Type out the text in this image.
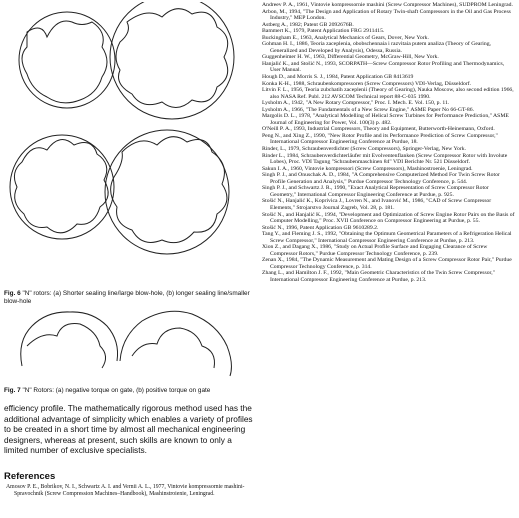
Fig. 6 "N" rotors: (a) Shorter sealing line/large blow-hole, (b) longer sealing line/smaller blow-hole
Fig. 7 "N" Rotors: (a) negative torque on gate, (b) positive torque on gate
efficiency profile. The mathematically rigorous method used has the additional advantage of simplicity which enables a variety of profiles to be created in a short time by almost all mechanical engineering designers, whereas at present, such skills are known to only a limited number of exclusive specialists.
References
Amosov P. E., Bobrikov, N. I., Schwartz A. I. and Vernii A. L., 1977, Vintovie kompressornie mashini-Spravochnik (Screw Compression Machines–Handbook), Mashinstroienie, Leningrad.
Andreev P. A., 1961, Vintovie kompressornie mashini (Screw Compressor Machines), SUDPROM Leningrad.
Arbon, M., 1994, "The Design and Application of Rotary Twin-shaft Compressors in the Oil and Gas Process Industry," MEP London.
Astberg A., 1982; Patent GB 2092676B.
Bammert K., 1979, Patent Application FRG 2911415.
Buckingham E., 1963, Analytical Mechanics of Gears, Dover, New York.
Gohman H. I., 1886, Teoria zaceplenia, obobschennaia i razvitaia putem analiza (Theory of Gearing, Generalized and Developed by Analysis), Odessa, Russia.
Guggenheimer H. W., 1963, Differential Geometry, McGraw-Hill, New York.
Hanjalić K., and Stošić N., 1993, SCORPATH—Screw Compressor Rotor Profiling and Thermodynamics, User Manual.
Hough D., and Morris S. J., 1984, Patent Application GB 8413619
Konka K-H., 1988, Schraubenkompressoren (Screw Compressors) VDI-Verlag, Düsseldorf.
Litvin F. L., 1956, Teoria zubchatih zaceplenii (Theory of Gearing), Nauka Moscow, also second edition 1966, also NASA Ref. Publ. 212 AVSCOM Technical report 88-C-035 1990.
Lysholm A., 1942, "A New Rotary Compressor," Proc. I. Mech. E. Vol. 150, p. 11.
Lysholm A., 1966, "The Fundamentals of a New Screw Engine," ASME Paper No 66-GT-86.
Margolis D. L., 1978, "Analytical Modelling of Helical Screw Turbines for Performance Prediction," ASME Journal of Engineering for Power, Vol. 100(3) p. 482.
O'Neill P. A., 1993, Industrial Compressors, Theory and Equipment, Butterworth-Heinemann, Oxford.
Peng N., and Xing Z., 1990, "New Rotor Profile and its Performance Prediction of Screw Compressor," International Compressor Engineering Conference at Purdue, 18.
Rinder, L., 1979, Schraubenverdichter (Screw Compressors), Springer-Verlag, New York.
Rinder L., 1984, Schraubenverdichterläufer mit Evolventenflanken (Screw Compressor Rotor with Involute Lobes), Proc. VDI Tagung "Schraubenmaschinen 84" VDI Berichte Nr. 521 Düsseldorf.
Sakun I. A., 1960, Vintovie kompressori (Screw Compressors), Mashinostroenie, Leningrad.
Singh P. J., and Onuschak A. D., 1984, "A Comprehensive Computerized Method For Twin Screw Rotor Profile Generation and Analysis," Purdue Compressor Technology Conference, p. 544.
Singh P. J., and Schwartz J. R., 1990, "Exact Analytical Representation of Screw Compressor Rotor Geometry," International Compressor Engineering Conference at Purdue, p. 925.
Stošić N., Hanjalić K., Koprivica J., Lovren N., and Ivanović M., 1986, "CAD of Screw Compressor Elements," Strojarstvo Journal Zagreb, Vol. 28, p. 181.
Stošić N., and Hanjalić K., 1994, "Development and Optimization of Screw Engine Rotor Pairs on the Basis of Computer Modelling," Proc. XVII Conference on Compressor Engineering at Purdue, p. 55.
Stošić N., 1996, Patent Application GB 9610289.2.
Tang Y., and Fleming J. S., 1992, "Obtaining the Optimum Geometrical Parameters of a Refrigeration Helical Screw Compressor," International Compressor Engineering Conference at Purdue, p. 213.
Xion Z., and Dagang X., 1986, "Study on Actual Profile Surface and Engaging Clearance of Screw Compressor Rotors," Purdue Compressor Technology Conference, p. 239.
Zenan X., 1984, "The Dynamic Measurement and Mating Design of a Screw Compressor Rotor Pair," Purdue Compressor Technology Conference, p. 314.
Zhang L., and Hamilton J. F., 1992, "Main Geometric Characteristics of the Twin Screw Compressor," International Compressor Engineering Conference at Purdue, p. 213.
